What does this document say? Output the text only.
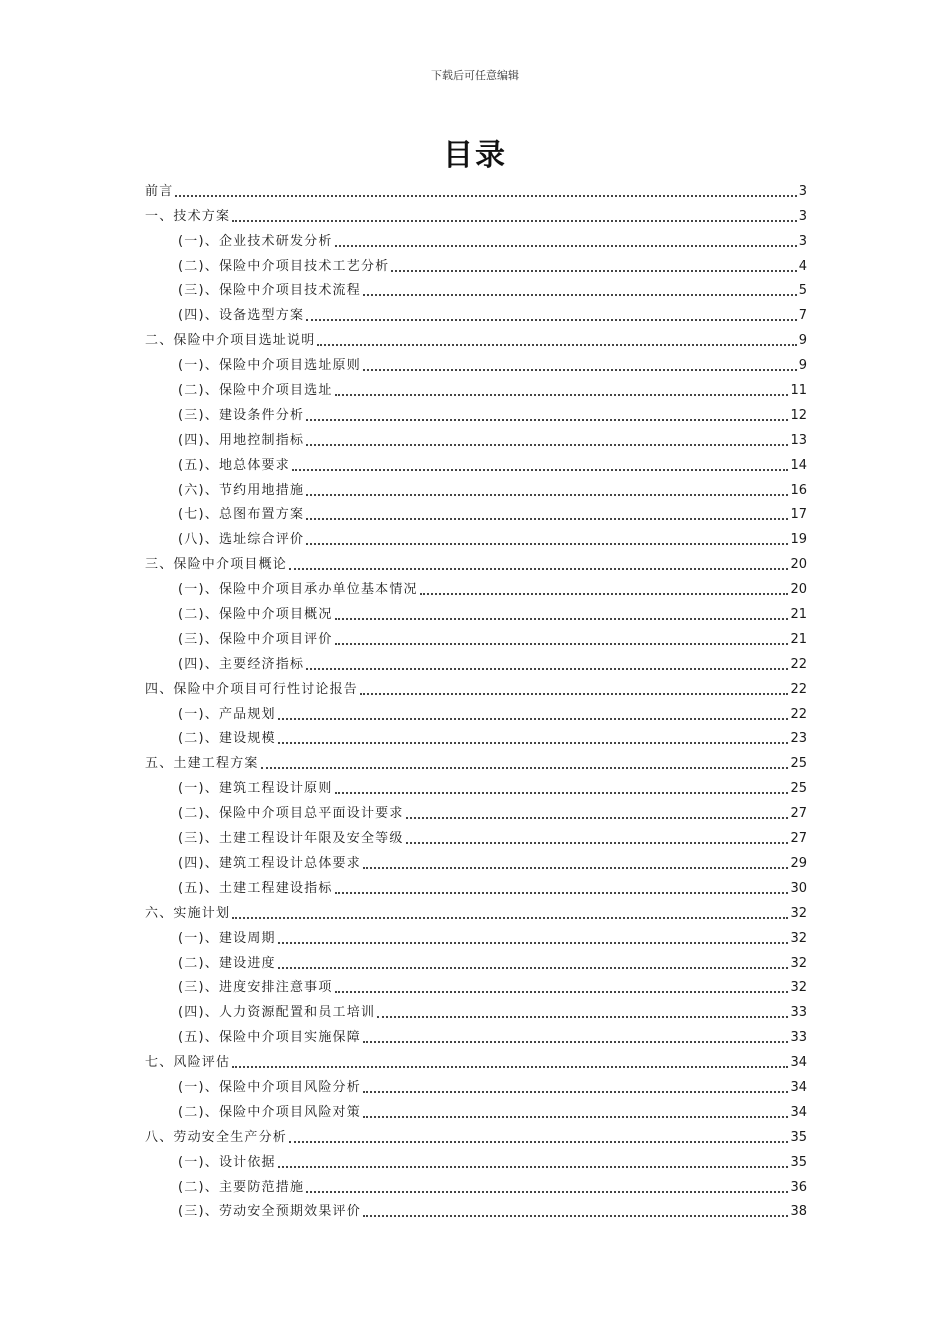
下载后可任意编辑
目录
前言	3
一、技术方案	3
(一)、企业技术研发分析	3
(二)、保险中介项目技术工艺分析	4
(三)、保险中介项目技术流程	5
(四)、设备选型方案	7
二、保险中介项目选址说明	9
(一)、保险中介项目选址原则	9
(二)、保险中介项目选址	11
(三)、建设条件分析	12
(四)、用地控制指标	13
(五)、地总体要求	14
(六)、节约用地措施	16
(七)、总图布置方案	17
(八)、选址综合评价	19
三、保险中介项目概论	20
(一)、保险中介项目承办单位基本情况	20
(二)、保险中介项目概况	21
(三)、保险中介项目评价	21
(四)、主要经济指标	22
四、保险中介项目可行性讨论报告	22
(一)、产品规划	22
(二)、建设规模	23
五、土建工程方案	25
(一)、建筑工程设计原则	25
(二)、保险中介项目总平面设计要求	27
(三)、土建工程设计年限及安全等级	27
(四)、建筑工程设计总体要求	29
(五)、土建工程建设指标	30
六、实施计划	32
(一)、建设周期	32
(二)、建设进度	32
(三)、进度安排注意事项	32
(四)、人力资源配置和员工培训	33
(五)、保险中介项目实施保障	33
七、风险评估	34
(一)、保险中介项目风险分析	34
(二)、保险中介项目风险对策	34
八、劳动安全生产分析	35
(一)、设计依据	35
(二)、主要防范措施	36
(三)、劳动安全预期效果评价	38
